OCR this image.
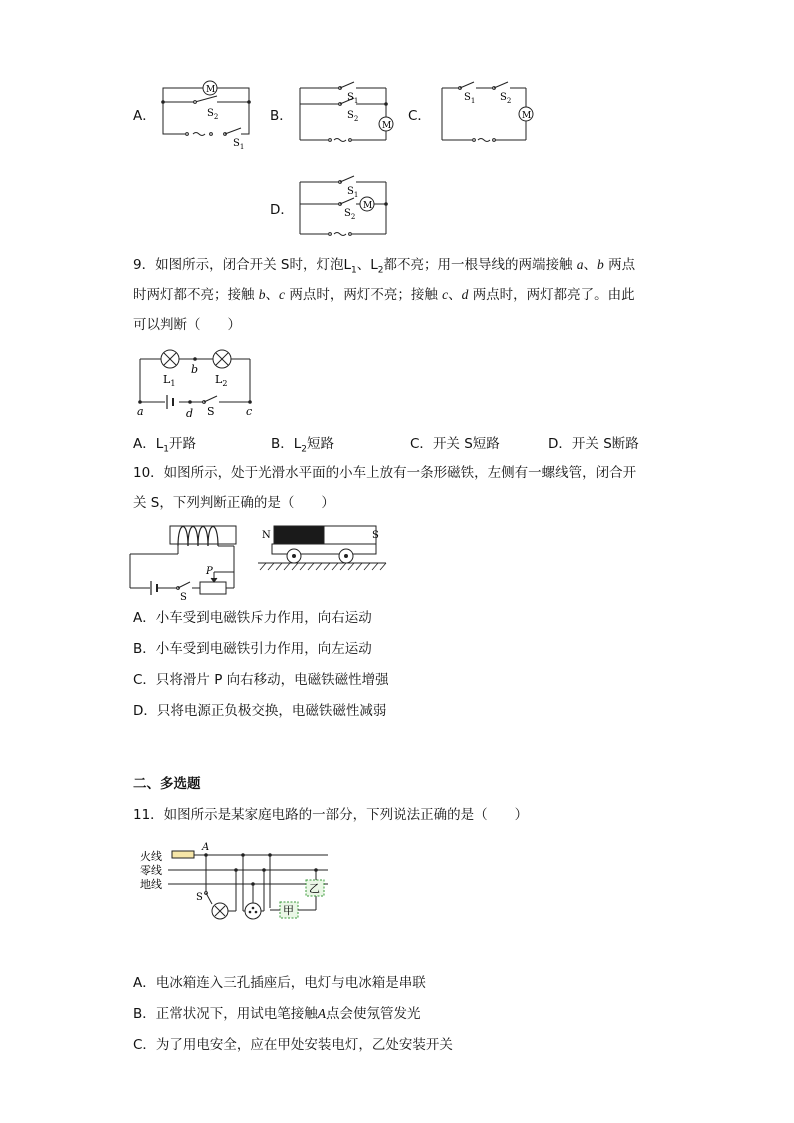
A．
M
$S_2$
$S_1$
B．
$S_1$
$S_2$
M
C．
$S_1$ $S_2$
M
D．
$S_1$
$S_2$
M
9．如图所示，闭合开关 S时，灯泡$L_1$、$L_2$都不亮；用一根导线的两端接触 a、b 两点
时两灯都不亮；接触 b、c 两点时，两灯不亮；接触 c、d 两点时，两灯都亮了。由此
可以判断（　　）
b
$L_1$	$L_2$
S
a	d	c
A．$L_1$开路	B．$L_2$短路	C．开关 S短路	D．开关 S断路
10．如图所示，处于光滑水平面的小车上放有一条形磁铁，左侧有一螺线管，闭合开
关 S，下列判断正确的是（　　）
S
P
N	S
A．小车受到电磁铁斥力作用，向右运动
B．小车受到电磁铁引力作用，向左运动
C．只将滑片 P 向右移动，电磁铁磁性增强
D．只将电源正负极交换，电磁铁磁性减弱
二、多选题
11．如图所示是某家庭电路的一部分，下列说法正确的是（　　）
火线
零线
地线
A
S
甲
乙
A．电冰箱连入三孔插座后，电灯与电冰箱是串联
B．正常状况下，用试电笔接触A点会使氖管发光
C．为了用电安全，应在甲处安装电灯，乙处安装开关
